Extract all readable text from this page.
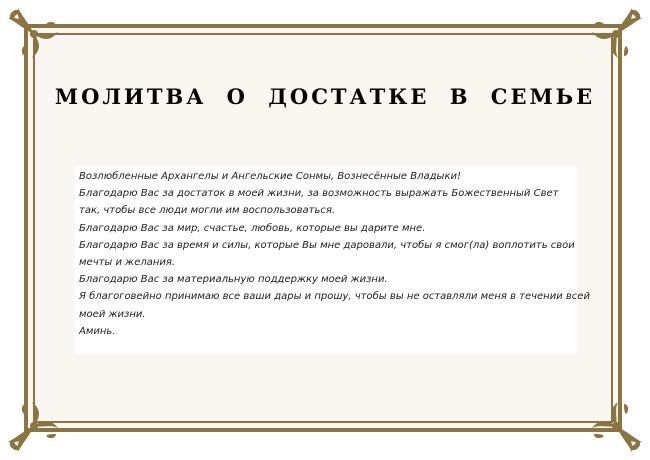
МОЛИТВА О ДОСТАТКЕ В СЕМЬЕ
Возлюбленные Архангелы и Ангельские Сонмы, Вознесённые Владыки!
Благодарю Вас за достаток в моей жизни, за возможность выражать Божественный Свет
так, чтобы все люди могли им воспользоваться.
Благодарю Вас за мир, счастье, любовь, которые вы дарите мне.
Благодарю Вас за время и силы, которые Вы мне даровали, чтобы я смог(ла) воплотить свои
мечты и желания.
Благодарю Вас за материальную поддержку моей жизни.
Я благоговейно принимаю все ваши дары и прошу, чтобы вы не оставляли меня в течении всей
моей жизни.
Аминь.
